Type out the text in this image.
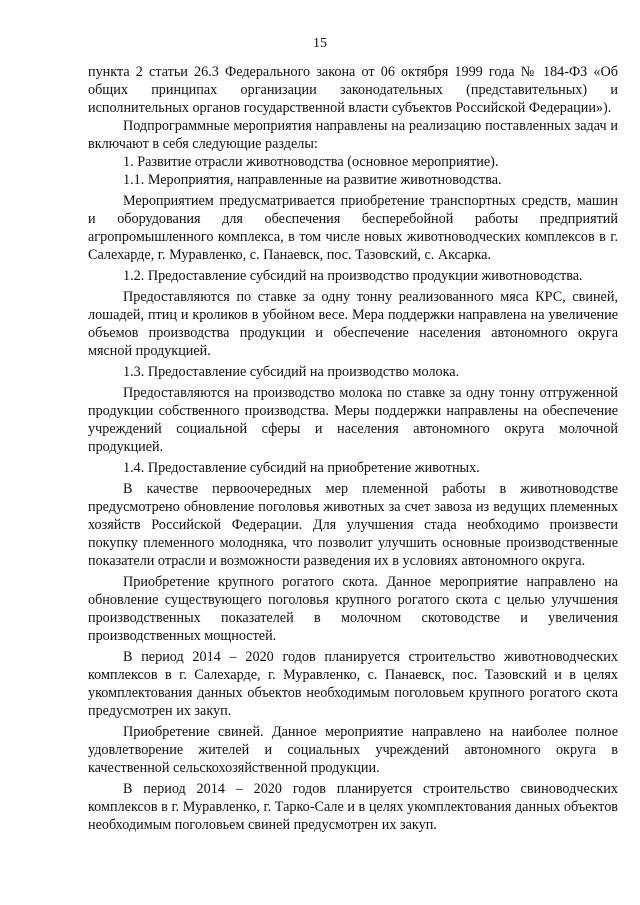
15

пункта 2 статьи 26.3 Федерального закона от 06 октября 1999 года № 184-ФЗ «Об общих принципах организации законодательных (представительных) и исполнительных органов государственной власти субъектов Российской Федерации»).

Подпрограммные мероприятия направлены на реализацию поставленных задач и включают в себя следующие разделы:

1. Развитие отрасли животноводства (основное мероприятие).

1.1. Мероприятия, направленные на развитие животноводства.

Мероприятием предусматривается приобретение транспортных средств, машин и оборудования для обеспечения бесперебойной работы предприятий агропромышленного комплекса, в том числе новых животноводческих комплексов в г. Салехарде, г. Муравленко, с. Панаевск, пос. Тазовский, с. Аксарка.

1.2. Предоставление субсидий на производство продукции животноводства.

Предоставляются по ставке за одну тонну реализованного мяса КРС, свиней, лошадей, птиц и кроликов в убойном весе. Мера поддержки направлена на увеличение объемов производства продукции и обеспечение населения автономного округа мясной продукцией.

1.3. Предоставление субсидий на производство молока.

Предоставляются на производство молока по ставке за одну тонну отгруженной продукции собственного производства. Меры поддержки направлены на обеспечение учреждений социальной сферы и населения автономного округа молочной продукцией.

1.4. Предоставление субсидий на приобретение животных.

В качестве первоочередных мер племенной работы в животноводстве предусмотрено обновление поголовья животных за счет завоза из ведущих племенных хозяйств Российской Федерации. Для улучшения стада необходимо произвести покупку племенного молодняка, что позволит улучшить основные производственные показатели отрасли и возможности разведения их в условиях автономного округа.

Приобретение крупного рогатого скота. Данное мероприятие направлено на обновление существующего поголовья крупного рогатого скота с целью улучшения производственных показателей в молочном скотоводстве и увеличения производственных мощностей.

В период 2014 – 2020 годов планируется строительство животноводческих комплексов в г. Салехарде, г. Муравленко, с. Панаевск, пос. Тазовский и в целях укомплектования данных объектов необходимым поголовьем крупного рогатого скота предусмотрен их закуп.

Приобретение свиней. Данное мероприятие направлено на наиболее полное удовлетворение жителей и социальных учреждений автономного округа в качественной сельскохозяйственной продукции.

В период 2014 – 2020 годов планируется строительство свиноводческих комплексов в г. Муравленко, г. Тарко-Сале и в целях укомплектования данных объектов необходимым поголовьем свиней предусмотрен их закуп.
